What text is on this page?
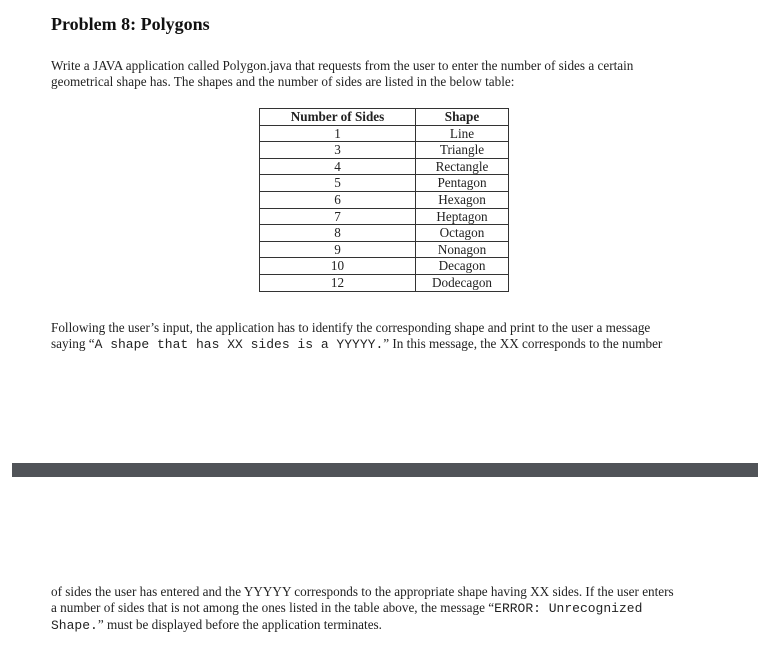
Problem 8: Polygons

Write a JAVA application called Polygon.java that requests from the user to enter the number of sides a certain
geometrical shape has. The shapes and the number of sides are listed in the below table:

Number of Sides	Shape
1	Line
3	Triangle
4	Rectangle
5	Pentagon
6	Hexagon
7	Heptagon
8	Octagon
9	Nonagon
10	Decagon
12	Dodecagon

Following the user’s input, the application has to identify the corresponding shape and print to the user a message
saying “A shape that has XX sides is a YYYYY.” In this message, the XX corresponds to the number

of sides the user has entered and the YYYYY corresponds to the appropriate shape having XX sides. If the user enters
a number of sides that is not among the ones listed in the table above, the message “ERROR: Unrecognized
Shape.” must be displayed before the application terminates.
